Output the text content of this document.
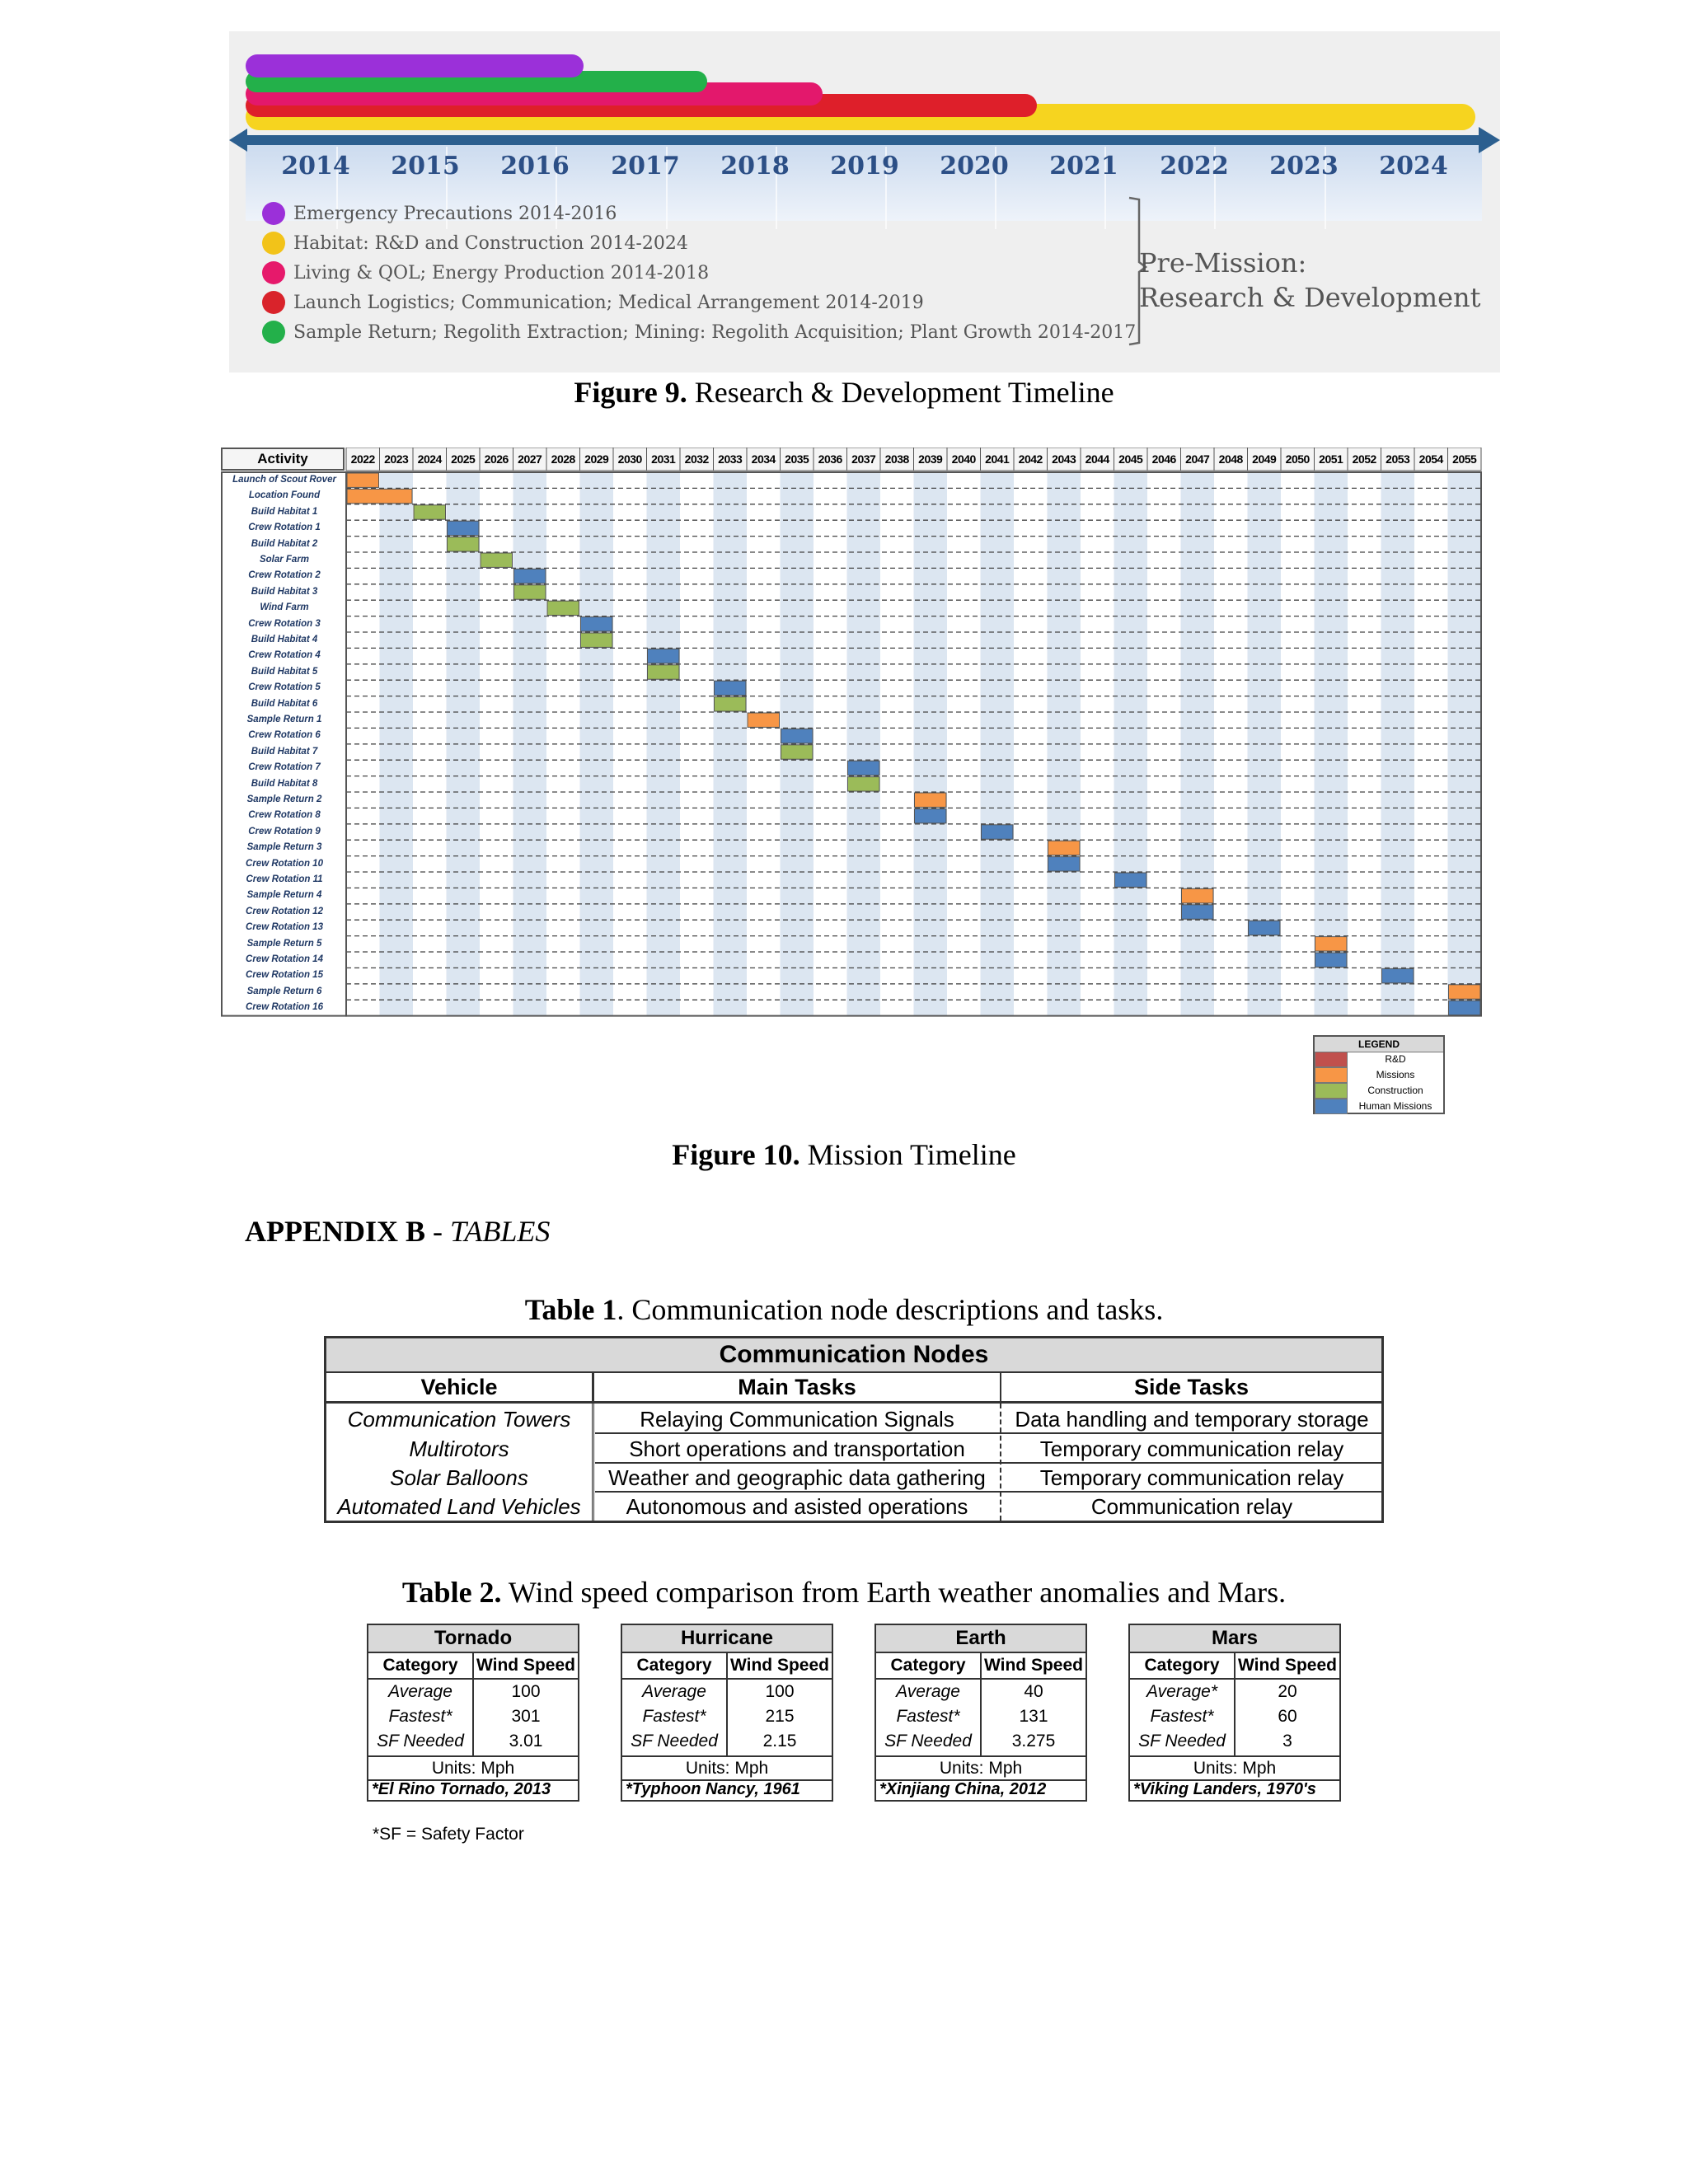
2014	2015	2016	2017	2018	2019	2020	2021	2022	2023	2024
Emergency Precautions 2014-2016
Habitat: R&D and Construction 2014-2024
Living & QOL; Energy Production 2014-2018
Launch Logistics; Communication; Medical Arrangement 2014-2019
Sample Return; Regolith Extraction; Mining: Regolith Acquisition; Plant Growth 2014-2017
Pre-Mission:
Research & Development
Figure 9. Research & Development Timeline
Activity	2022 2023 2024 2025 2026 2027 2028 2029 2030 2031 2032 2033 2034 2035 2036 2037 2038 2039 2040 2041 2042 2043 2044 2045 2046 2047 2048 2049 2050 2051 2052 2053 2054 2055
Launch of Scout Rover
Location Found
Build Habitat 1
Crew Rotation 1
Build Habitat 2
Solar Farm
Crew Rotation 2
Build Habitat 3
Wind Farm
Crew Rotation 3
Build Habitat 4
Crew Rotation 4
Build Habitat 5
Crew Rotation 5
Build Habitat 6
Sample Return 1
Crew Rotation 6
Build Habitat 7
Crew Rotation 7
Build Habitat 8
Sample Return 2
Crew Rotation 8
Crew Rotation 9
Sample Return 3
Crew Rotation 10
Crew Rotation 11
Sample Return 4
Crew Rotation 12
Crew Rotation 13
Sample Return 5
Crew Rotation 14
Crew Rotation 15
Sample Return 6
Crew Rotation 16
LEGEND
R&D
Missions
Construction
Human Missions
Figure 10. Mission Timeline
APPENDIX B - TABLES
Table 1. Communication node descriptions and tasks.
Communication Nodes
Vehicle	Main Tasks	Side Tasks
Communication Towers	Relaying Communication Signals	Data handling and temporary storage
Multirotors	Short operations and transportation	Temporary communication relay
Solar Balloons	Weather and geographic data gathering	Temporary communication relay
Automated Land Vehicles	Autonomous and asisted operations	Communication relay
Table 2. Wind speed comparison from Earth weather anomalies and Mars.
Tornado
Category	Wind Speed
Average	100
Fastest*	301
SF Needed	3.01
Units: Mph
*El Rino Tornado, 2013
Hurricane
Category	Wind Speed
Average	100
Fastest*	215
SF Needed	2.15
Units: Mph
*Typhoon Nancy, 1961
Earth
Category	Wind Speed
Average	40
Fastest*	131
SF Needed	3.275
Units: Mph
*Xinjiang China, 2012
Mars
Category	Wind Speed
Average*	20
Fastest*	60
SF Needed	3
Units: Mph
*Viking Landers, 1970's
*SF = Safety Factor
